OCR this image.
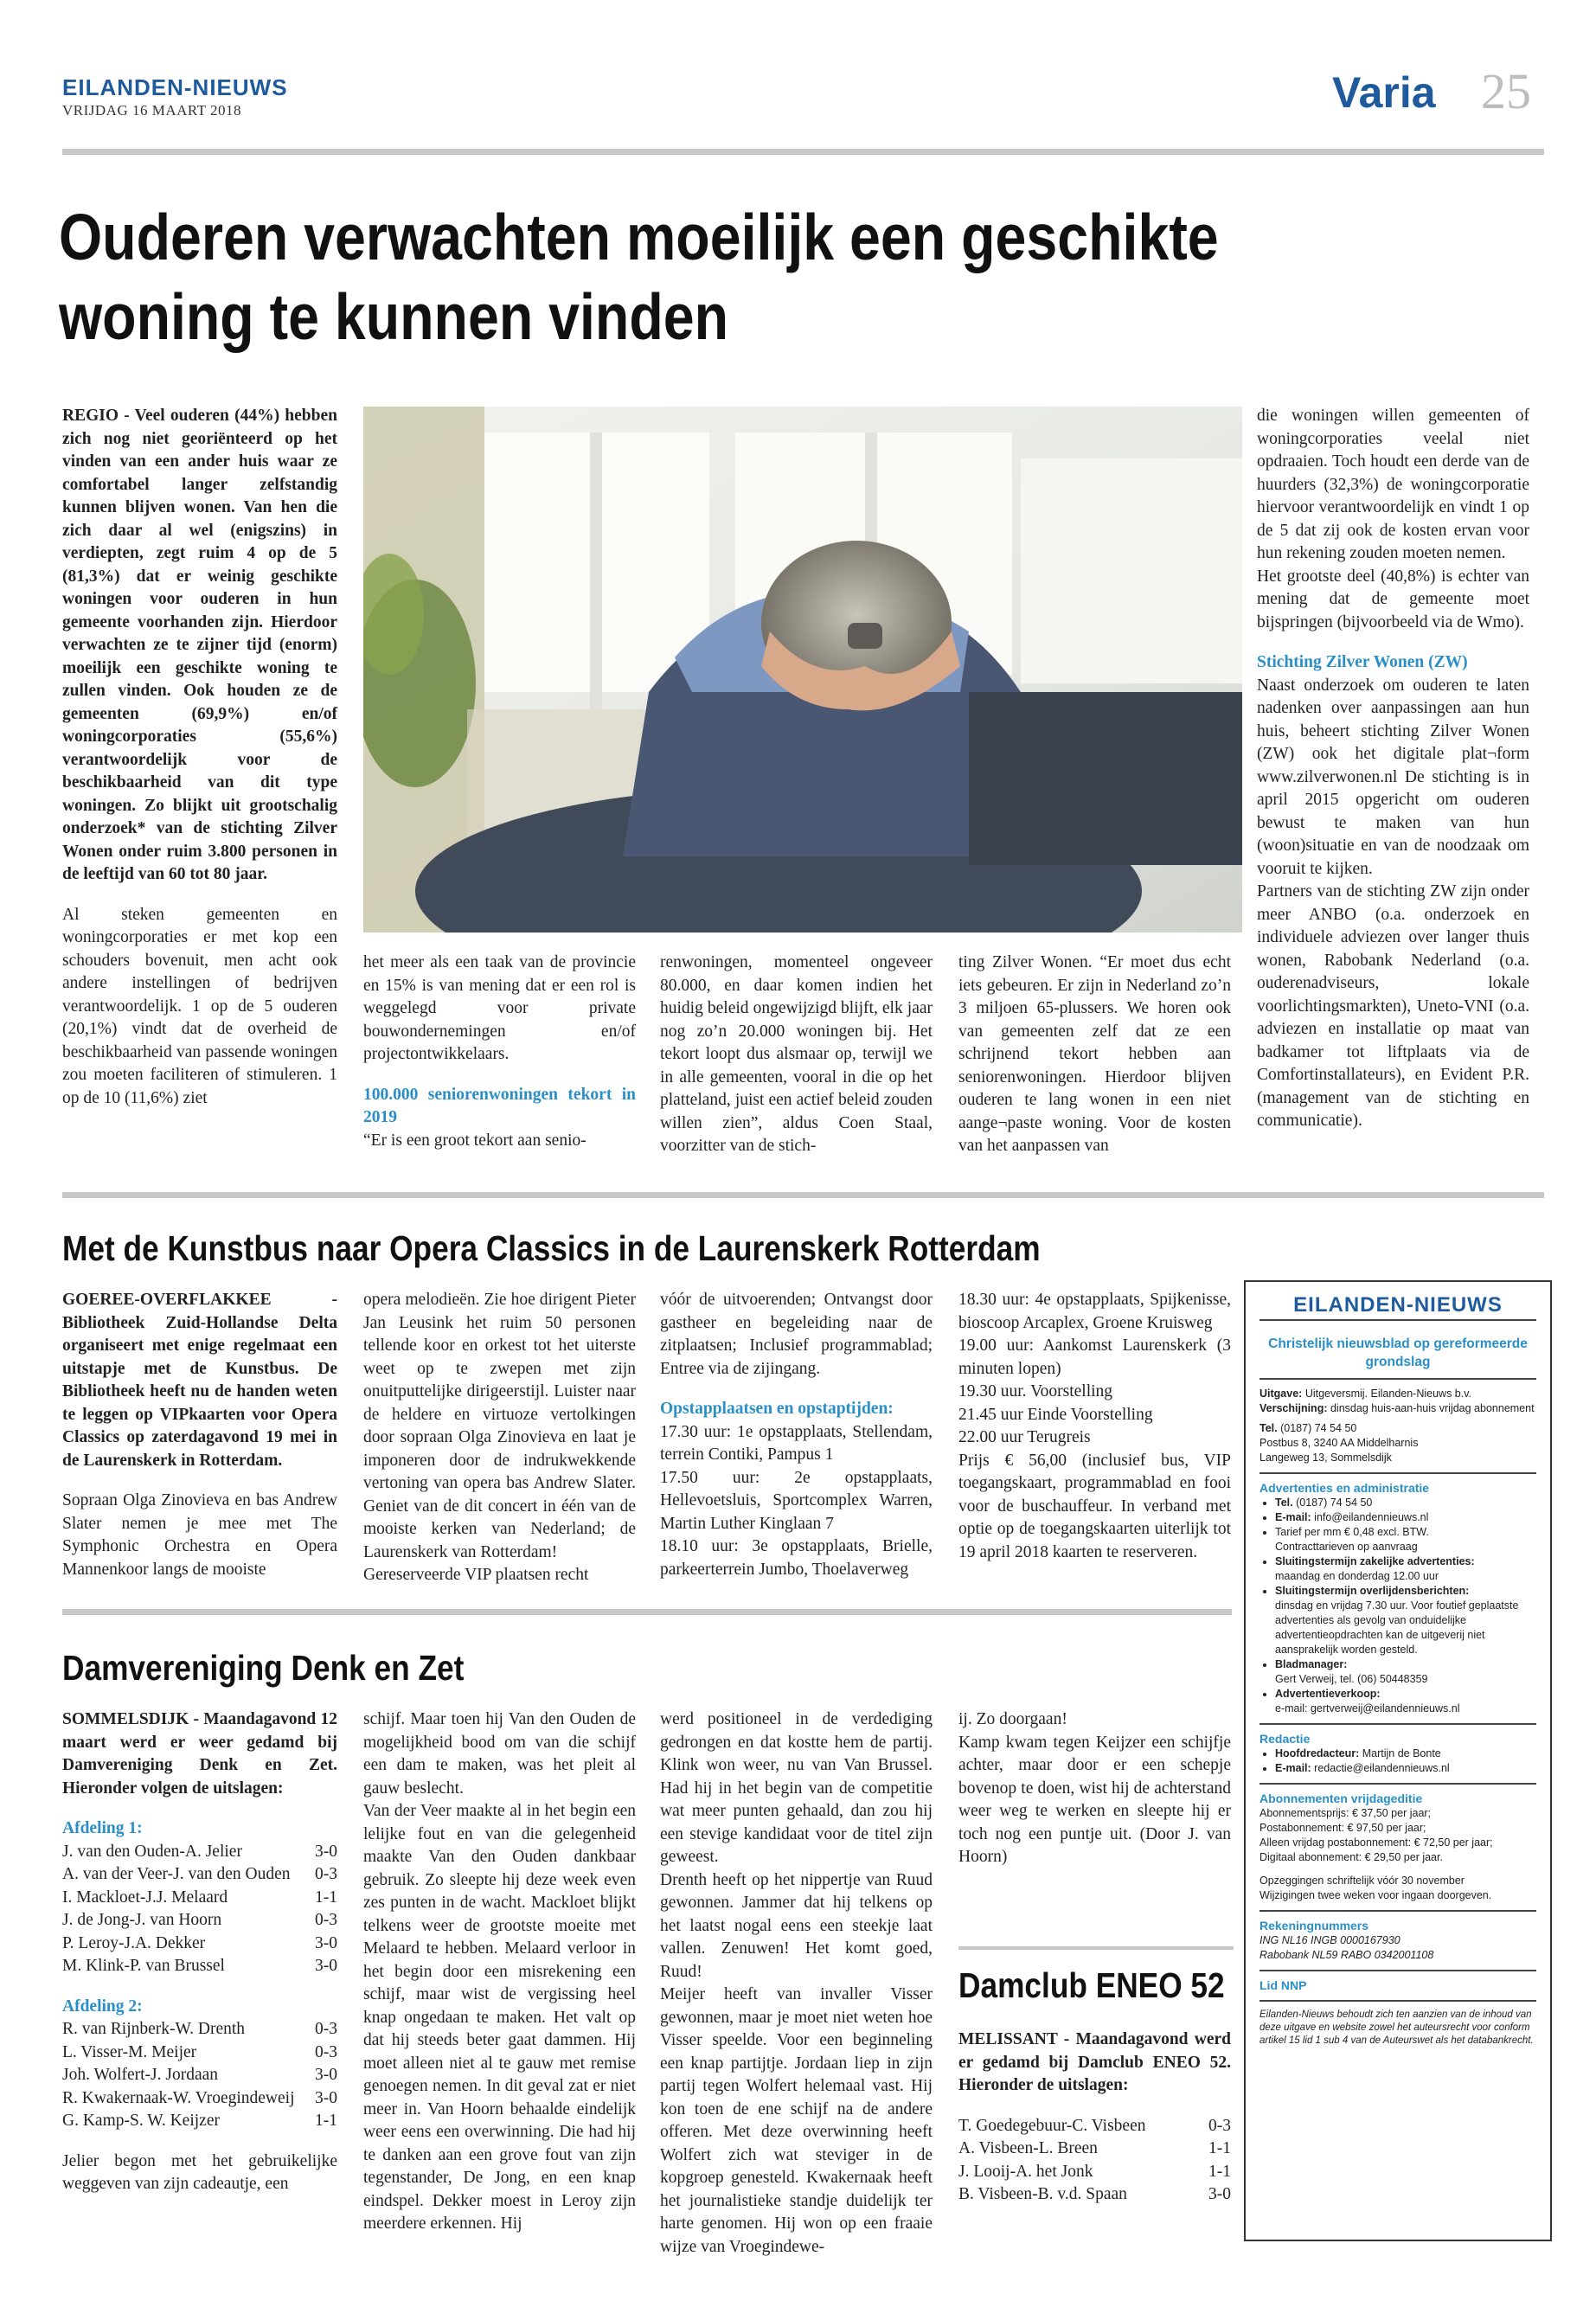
EILANDEN-NIEUWS
VRIJDAG 16 MAART 2018	Varia 25
Ouderen verwachten moeilijk een geschikte woning te kunnen vinden

REGIO - Veel ouderen (44%) hebben zich nog niet georiënteerd op het vinden van een ander huis waar ze comfortabel langer zelfstandig kunnen blijven wonen. Van hen die zich daar al wel (enigszins) in verdiepten, zegt ruim 4 op de 5 (81,3%) dat er weinig geschikte woningen voor ouderen in hun gemeente voorhanden zijn. Hierdoor verwachten ze te zijner tijd (enorm) moeilijk een geschikte woning te zullen vinden. Ook houden ze de gemeenten (69,9%) en/of woningcorporaties (55,6%) verantwoordelijk voor de beschikbaarheid van dit type woningen. Zo blijkt uit grootschalig onderzoek* van de stichting Zilver Wonen onder ruim 3.800 personen in de leeftijd van 60 tot 80 jaar.

Al steken gemeenten en woningcorporaties er met kop een schouders bovenuit, men acht ook andere instellingen of bedrijven verantwoordelijk. 1 op de 5 ouderen (20,1%) vindt dat de overheid de beschikbaarheid van passende woningen zou moeten faciliteren of stimuleren. 1 op de 10 (11,6%) ziet

het meer als een taak van de provincie en 15% is van mening dat er een rol is weggelegd voor private bouwondernemingen en/of projectontwikkelaars.

100.000 seniorenwoningen tekort in 2019

“Er is een groot tekort aan senio-

renwoningen, momenteel ongeveer 80.000, en daar komen indien het huidig beleid ongewijzigd blijft, elk jaar nog zo’n 20.000 woningen bij. Het tekort loopt dus alsmaar op, terwijl we in alle gemeenten, vooral in die op het platteland, juist een actief beleid zouden willen zien”, aldus Coen Staal, voorzitter van de stich-

ting Zilver Wonen. “Er moet dus echt iets gebeuren. Er zijn in Nederland zo’n 3 miljoen 65-plussers. We horen ook van gemeenten zelf dat ze een schrijnend tekort hebben aan seniorenwoningen. Hierdoor blijven ouderen te lang wonen in een niet aange¬paste woning. Voor de kosten van het aanpassen van

die woningen willen gemeenten of woningcorporaties veelal niet opdraaien. Toch houdt een derde van de huurders (32,3%) de woningcorporatie hiervoor verantwoordelijk en vindt 1 op de 5 dat zij ook de kosten ervan voor hun rekening zouden moeten nemen.

Het grootste deel (40,8%) is echter van mening dat de gemeente moet bijspringen (bijvoorbeeld via de Wmo).

Stichting Zilver Wonen (ZW)

Naast onderzoek om ouderen te laten nadenken over aanpassingen aan hun huis, beheert stichting Zilver Wonen (ZW) ook het digitale plat¬form www.zilverwonen.nl De stichting is in april 2015 opgericht om ouderen bewust te maken van hun (woon)situatie en van de noodzaak om vooruit te kijken.

Partners van de stichting ZW zijn onder meer ANBO (o.a. onderzoek en individuele adviezen over langer thuis wonen, Rabobank Nederland (o.a. ouderenadviseurs, lokale voorlichtingsmarkten), Uneto-VNI (o.a. adviezen en installatie op maat van badkamer tot liftplaats via de Comfortinstallateurs), en Evident P.R. (management van de stichting en communicatie).

Met de Kunstbus naar Opera Classics in de Laurenskerk Rotterdam

GOEREE-OVERFLAKKEE - Bibliotheek Zuid-Hollandse Delta organiseert met enige regelmaat een uitstapje met de Kunstbus. De Bibliotheek heeft nu de handen weten te leggen op VIPkaarten voor Opera Classics op zaterdagavond 19 mei in de Laurenskerk in Rotterdam.

Sopraan Olga Zinovieva en bas Andrew Slater nemen je mee met The Symphonic Orchestra en Opera Mannenkoor langs de mooiste

opera melodieën. Zie hoe dirigent Pieter Jan Leusink het ruim 50 personen tellende koor en orkest tot het uiterste weet op te zwepen met zijn onuitputtelijke dirigeerstijl. Luister naar de heldere en virtuoze vertolkingen door sopraan Olga Zinovieva en laat je imponeren door de indrukwekkende vertoning van opera bas Andrew Slater. Geniet van de dit concert in één van de mooiste kerken van Nederland; de Laurenskerk van Rotterdam!

Gereserveerde VIP plaatsen recht

vóór de uitvoerenden; Ontvangst door gastheer en begeleiding naar de zitplaatsen; Inclusief programmablad; Entree via de zijingang.

Opstapplaatsen en opstaptijden:

17.30 uur: 1e opstapplaats, Stellendam, terrein Contiki, Pampus 1

17.50 uur: 2e opstapplaats, Hellevoetsluis, Sportcomplex Warren, Martin Luther Kinglaan 7

18.10 uur: 3e opstapplaats, Brielle, parkeerterrein Jumbo, Thoelaverweg

18.30 uur: 4e opstapplaats, Spijkenisse, bioscoop Arcaplex, Groene Kruisweg

19.00 uur: Aankomst Laurenskerk (3 minuten lopen)

19.30 uur. Voorstelling

21.45 uur Einde Voorstelling

22.00 uur Terugreis

Prijs € 56,00 (inclusief bus, VIP toegangskaart, programmablad en fooi voor de buschauffeur. In verband met optie op de toegangskaarten uiterlijk tot 19 april 2018 kaarten te reserveren.

Damvereniging Denk en Zet

SOMMELSDIJK - Maandagavond 12 maart werd er weer gedamd bij Damvereniging Denk en Zet. Hieronder volgen de uitslagen:

Afdeling 1:

J. van den Ouden-A. Jelier	3-0
A. van der Veer-J. van den Ouden 0-3
I. Mackloet-J.J. Melaard	1-1
J. de Jong-J. van Hoorn	0-3
P. Leroy-J.A. Dekker	3-0
M. Klink-P. van Brussel	3-0

Afdeling 2:

R. van Rijnberk-W. Drenth	0-3
L. Visser-M. Meijer	0-3
Joh. Wolfert-J. Jordaan	3-0
R. Kwakernaak-W. Vroegindeweij 3-0
G. Kamp-S. W. Keijzer	1-1

Jelier begon met het gebruikelijke weggeven van zijn cadeautje, een

schijf. Maar toen hij Van den Ouden de mogelijkheid bood om van die schijf een dam te maken, was het pleit al gauw beslecht.

Van der Veer maakte al in het begin een lelijke fout en van die gelegenheid maakte Van den Ouden dankbaar gebruik. Zo sleepte hij deze week even zes punten in de wacht. Mackloet blijkt telkens weer de grootste moeite met Melaard te hebben. Melaard verloor in het begin door een misrekening een schijf, maar wist de vergissing heel knap ongedaan te maken. Het valt op dat hij steeds beter gaat dammen. Hij moet alleen niet al te gauw met remise genoegen nemen. In dit geval zat er niet meer in. Van Hoorn behaalde eindelijk weer eens een overwinning. Die had hij te danken aan een grove fout van zijn tegenstander, De Jong, en een knap eindspel. Dekker moest in Leroy zijn meerdere erkennen. Hij

werd positioneel in de verdediging gedrongen en dat kostte hem de partij. Klink won weer, nu van Van Brussel. Had hij in het begin van de competitie wat meer punten gehaald, dan zou hij een stevige kandidaat voor de titel zijn geweest.

Drenth heeft op het nippertje van Ruud gewonnen. Jammer dat hij telkens op het laatst nogal eens een steekje laat vallen. Zenuwen! Het komt goed, Ruud!

Meijer heeft van invaller Visser gewonnen, maar je moet niet weten hoe Visser speelde. Voor een beginneling een knap partijtje. Jordaan liep in zijn partij tegen Wolfert helemaal vast. Hij kon toen de ene schijf na de andere offeren. Met deze overwinning heeft Wolfert zich wat steviger in de kopgroep genesteld. Kwakernaak heeft het journalistieke standje duidelijk ter harte genomen. Hij won op een fraaie wijze van Vroegindewe-

ij. Zo doorgaan!

Kamp kwam tegen Keijzer een schijfje achter, maar door er een schepje bovenop te doen, wist hij de achterstand weer weg te werken en sleepte hij er toch nog een puntje uit. (Door J. van Hoorn)

Damclub ENEO 52

MELISSANT - Maandagavond werd er gedamd bij Damclub ENEO 52. Hieronder de uitslagen:

T. Goedegebuur-C. Visbeen	0-3
A. Visbeen-L. Breen	1-1
J. Looij-A. het Jonk	1-1
B. Visbeen-B. v.d. Spaan	3-0
EILANDEN-NIEUWS
Christelijk nieuwsblad op gereformeerde grondslag
Uitgave: Uitgeversmij. Eilanden-Nieuws b.v.
Verschijning: dinsdag huis-aan-huis vrijdag abonnement
Tel. (0187) 74 54 50
Postbus 8, 3240 AA Middelharnis
Langeweg 13, Sommelsdijk
Advertenties en administratie
• Tel. (0187) 74 54 50
• E-mail: info@eilandennieuws.nl
• Tarief per mm € 0,48 excl. BTW.
Contracttarieven op aanvraag
• Sluitingstermijn zakelijke advertenties:
maandag en donderdag 12.00 uur
• Sluitingstermijn overlijdensberichten:
dinsdag en vrijdag 7.30 uur. Voor foutief geplaatste advertenties als gevolg van onduidelijke advertentieopdrachten kan de uitgeverij niet aansprakelijk worden gesteld.
• Bladmanager:
Gert Verweij, tel. (06) 50448359
• Advertentieverkoop:
e-mail: gertverweij@eilandennieuws.nl
Redactie
• Hoofdredacteur: Martijn de Bonte
• E-mail: redactie@eilandennieuws.nl
Abonnementen vrijdageditie
Abonnementsprijs: € 37,50 per jaar;
Postabonnement: € 97,50 per jaar;
Alleen vrijdag postabonnement: € 72,50 per jaar;
Digitaal abonnement: € 29,50 per jaar.
Opzeggingen schriftelijk vóór 30 november
Wijzigingen twee weken voor ingaan doorgeven.
Rekeningnummers
ING NL16 INGB 0000167930
Rabobank NL59 RABO 0342001108
Lid NNP
Eilanden-Nieuws behoudt zich ten aanzien van de inhoud van deze uitgave en website zowel het auteursrecht voor conform artikel 15 lid 1 sub 4 van de Auteurswet als het databankrecht.
